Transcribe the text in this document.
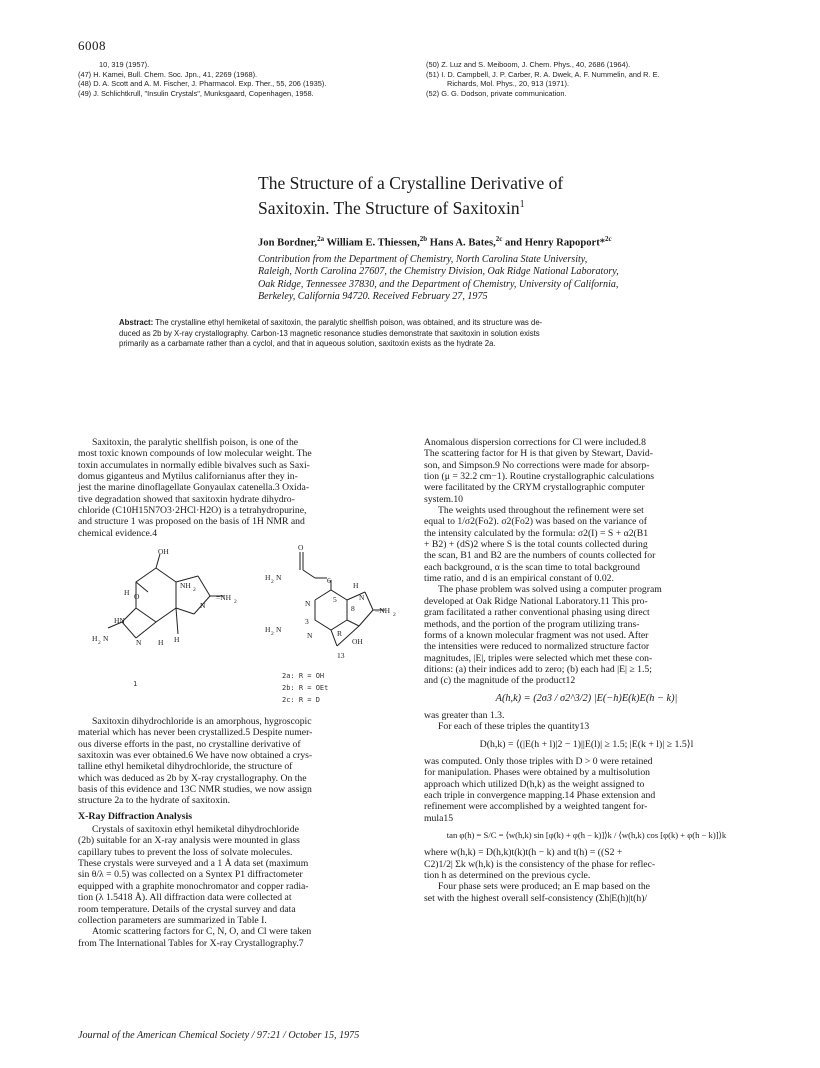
6008
10, 319 (1957).
(47) H. Kamei, Bull. Chem. Soc. Jpn., 41, 2269 (1968).
(48) D. A. Scott and A. M. Fischer, J. Pharmacol. Exp. Ther., 55, 206 (1935).
(49) J. Schlichtkrull, "Insulin Crystals", Munksgaard, Copenhagen, 1958.
(50) Z. Luz and S. Meiboom, J. Chem. Phys., 40, 2686 (1964).
(51) I. D. Campbell, J. P. Carber, R. A. Dwek, A. F. Nummelin, and R. E.
Richards, Mol. Phys., 20, 913 (1971).
(52) G. G. Dodson, private communication.
The Structure of a Crystalline Derivative of
Saxitoxin. The Structure of Saxitoxin$^1$
Jon Bordner,$^{2a}$ William E. Thiessen,$^{2b}$ Hans A. Bates,$^{2c}$ and Henry Rapoport*$^{2c}$
Contribution from the Department of Chemistry, North Carolina State University,
Raleigh, North Carolina 27607, the Chemistry Division, Oak Ridge National Laboratory,
Oak Ridge, Tennessee 37830, and the Department of Chemistry, University of California,
Berkeley, California 94720. Received February 27, 1975
Abstract: The crystalline ethyl hemiketal of saxitoxin, the paralytic shellfish poison, was obtained, and its structure was de-
duced as 2b by X-ray crystallography. Carbon-13 magnetic resonance studies demonstrate that saxitoxin in solution exists
primarily as a carbamate rather than a cyclol, and that in aqueous solution, saxitoxin exists as the hydrate 2a.

Saxitoxin, the paralytic shellfish poison, is one of the
most toxic known compounds of low molecular weight. The
toxin accumulates in normally edible bivalves such as Saxi-
domus giganteus and Mytilus californianus after they in-
jest the marine dinoflagellate Gonyaulax catenella.3 Oxida-
tive degradation showed that saxitoxin hydrate dihydro-
chloride (C10H15N7O3·2HCl·H2O) is a tetrahydropurine,
and structure 1 was proposed on the basis of 1H NMR and
chemical evidence.4

OH
NH 2
O
H
HN
H 2 N	N H H
N
=NH 2
1
O
H 2 N	6
5
H
N
8	=NH 2
N
H 2 N
3
N	R
OH
13
2a: R = OH
2b: R = OEt
2c: R = D

Saxitoxin dihydrochloride is an amorphous, hygroscopic
material which has never been crystallized.5 Despite numer-
ous diverse efforts in the past, no crystalline derivative of
saxitoxin was ever obtained.6 We have now obtained a crys-
talline ethyl hemiketal dihydrochloride, the structure of
which was deduced as 2b by X-ray crystallography. On the
basis of this evidence and 13C NMR studies, we now assign
structure 2a to the hydrate of saxitoxin.

X-Ray Diffraction Analysis

Crystals of saxitoxin ethyl hemiketal dihydrochloride
(2b) suitable for an X-ray analysis were mounted in glass
capillary tubes to prevent the loss of solvate molecules.
These crystals were surveyed and a 1 Å data set (maximum
sin θ/λ = 0.5) was collected on a Syntex P1 diffractometer
equipped with a graphite monochromator and copper radia-
tion (λ 1.5418 Å). All diffraction data were collected at
room temperature. Details of the crystal survey and data
collection parameters are summarized in Table I.

Atomic scattering factors for C, N, O, and Cl were taken
from The International Tables for X-ray Crystallography.7

Anomalous dispersion corrections for Cl were included.8
The scattering factor for H is that given by Stewart, David-
son, and Simpson.9 No corrections were made for absorp-
tion (μ = 32.2 cm−1). Routine crystallographic calculations
were facilitated by the CRYM crystallographic computer
system.10

The weights used throughout the refinement were set
equal to 1/σ2(Fo2). σ2(Fo2) was based on the variance of
the intensity calculated by the formula: σ2(I) = S + α2(B1
+ B2) + (dS)2 where S is the total counts collected during
the scan, B1 and B2 are the numbers of counts collected for
each background, α is the scan time to total background
time ratio, and d is an empirical constant of 0.02.

The phase problem was solved using a computer program
developed at Oak Ridge National Laboratory.11 This pro-
gram facilitated a rather conventional phasing using direct
methods, and the portion of the program utilizing trans-
forms of a known molecular fragment was not used. After
the intensities were reduced to normalized structure factor
magnitudes, |E|, triples were selected which met these con-
ditions: (a) their indices add to zero; (b) each had |E| ≥ 1.5;
and (c) the magnitude of the product12

A(h,k) = (2σ3 / σ2^3/2) |E(−h)E(k)E(h − k)|

was greater than 1.3.

For each of these triples the quantity13

D(h,k) = ⟨(|E(h + l)|2 − 1)||E(l)| ≥ 1.5; |E(k + l)| ≥ 1.5⟩l

was computed. Only those triples with D > 0 were retained
for manipulation. Phases were obtained by a multisolution
approach which utilized D(h,k) as the weight assigned to
each triple in convergence mapping.14 Phase extension and
refinement were accomplished by a weighted tangent for-
mula15

tan φ(h) = S/C = ⟨w(h,k) sin [φ(k) + φ(h − k)]⟩k / ⟨w(h,k) cos [φ(k) + φ(h − k)]⟩k

where w(h,k) = D(h,k)t(k)t(h − k) and t(h) = ((S2 +
C2)1/2| Σk w(h,k) is the consistency of the phase for reflec-
tion h as determined on the previous cycle.

Four phase sets were produced; an E map based on the
set with the highest overall self-consistency (Σh|E(h)|t(h)/

Journal of the American Chemical Society / 97:21 / October 15, 1975
